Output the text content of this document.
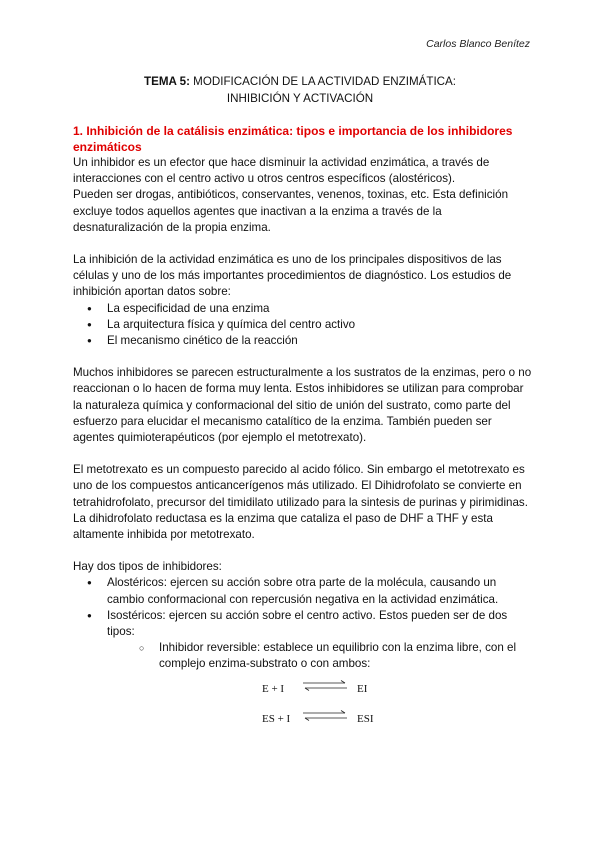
Carlos Blanco Benítez
TEMA 5: MODIFICACIÓN DE LA ACTIVIDAD ENZIMÁTICA:
INHIBICIÓN Y ACTIVACIÓN
1. Inhibición de la catálisis enzimática: tipos e importancia de los inhibidores enzimáticos

Un inhibidor es un efector que hace disminuir la actividad enzimática, a través de interacciones con el centro activo u otros centros específicos (alostéricos).

Pueden ser drogas, antibióticos, conservantes, venenos, toxinas, etc. Esta definición excluye todos aquellos agentes que inactivan a la enzima a través de la desnaturalización de la propia enzima.

La inhibición de la actividad enzimática es uno de los principales dispositivos de las células y uno de los más importantes procedimientos de diagnóstico. Los estudios de inhibición aportan datos sobre:

● La especificidad de una enzima
● La arquitectura física y química del centro activo
● El mecanismo cinético de la reacción

Muchos inhibidores se parecen estructuralmente a los sustratos de la enzimas, pero o no reaccionan o lo hacen de forma muy lenta. Estos inhibidores se utilizan para comprobar la naturaleza química y conformacional del sitio de unión del sustrato, como parte del esfuerzo para elucidar el mecanismo catalítico de la enzima. También pueden ser agentes quimioterapéuticos (por ejemplo el metotrexato).

El metotrexato es un compuesto parecido al acido fólico. Sin embargo el metotrexato es uno de los compuestos anticancerígenos más utilizado. El Dihidrofolato se convierte en tetrahidrofolato, precursor del timidilato utilizado para la sintesis de purinas y pirimidinas. La dihidrofolato reductasa es la enzima que cataliza el paso de DHF a THF y esta altamente inhibida por metotrexato.

Hay dos tipos de inhibidores:

● Alostéricos: ejercen su acción sobre otra parte de la molécula, causando un cambio conformacional con repercusión negativa en la actividad enzimática.
● Isostéricos: ejercen su acción sobre el centro activo. Estos pueden ser de dos tipos:
○ Inhibidor reversible: establece un equilibrio con la enzima libre, con el complejo enzima-substrato o con ambos:
E + I	EI
ES + I	ESI
